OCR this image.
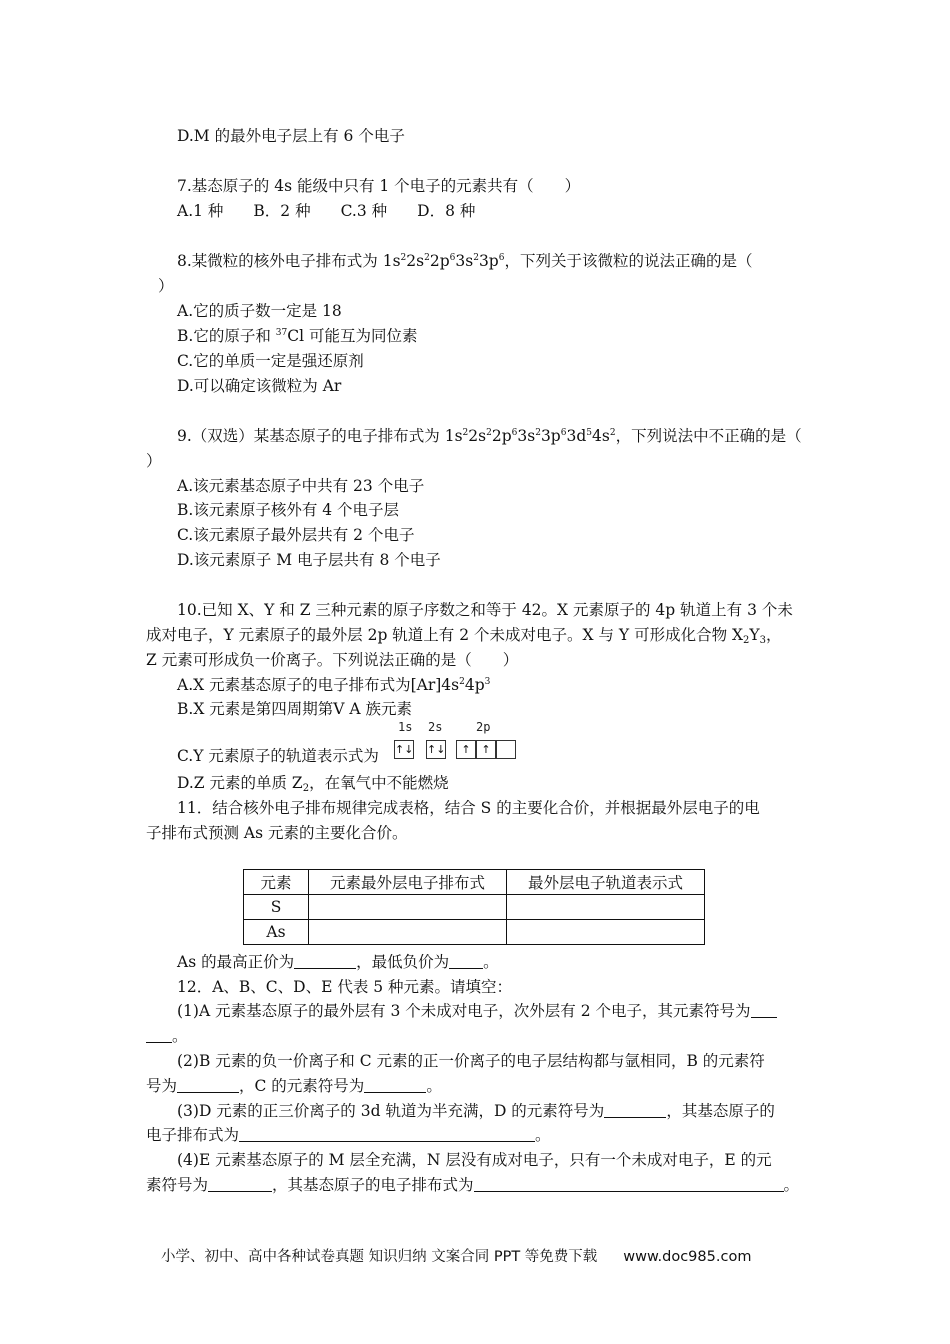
D.M 的最外电子层上有 6 个电子
7.基态原子的 4s 能级中只有 1 个电子的元素共有（　　）
A.1 种 B．2 种 C.3 种 D．8 种
8.某微粒的核外电子排布式为 $1s^22s^22p^63s^23p^6$，下列关于该微粒的说法正确的是（
）
A.它的质子数一定是 18
B.它的原子和 $^{37}$Cl 可能互为同位素
C.它的单质一定是强还原剂
D.可以确定该微粒为 Ar
9.（双选）某基态原子的电子排布式为 $1s^22s^22p^63s^23p^63d^54s^2$，下列说法中不正确的是（
）
A.该元素基态原子中共有 23 个电子
B.该元素原子核外有 4 个电子层
C.该元素原子最外层共有 2 个电子
D.该元素原子 M 电子层共有 8 个电子
10.已知 X、Y 和 Z 三种元素的原子序数之和等于 42。X 元素原子的 4p 轨道上有 3 个未
成对电子，Y 元素原子的最外层 2p 轨道上有 2 个未成对电子。X 与 Y 可形成化合物 $X_2Y_3$，
Z 元素可形成负一价离子。下列说法正确的是（　　）
A.X 元素基态原子的电子排布式为$[Ar]4s^24p^3$
B.X 元素是第四周期第Ⅴ A 族元素
1s 2s	2p
C.Y 元素原子的轨道表示式为 ↑↓ ↑↓	↑ ↑
D.Z 元素的单质 $Z_2$，在氧气中不能燃烧
11．结合核外电子排布规律完成表格，结合 S 的主要化合价，并根据最外层电子的电
子排布式预测 As 元素的主要化合价。
元素	元素最外层电子排布式	最外层电子轨道表示式
S		
As		
As 的最高正价为	，最低负价为 。
12．A、B、C、D、E 代表 5 种元素。请填空：
(1)A 元素基态原子的最外层有 3 个未成对电子，次外层有 2 个电子，其元素符号为
。
(2)B 元素的负一价离子和 C 元素的正一价离子的电子层结构都与氩相同，B 的元素符
号为	，C 的元素符号为	。
(3)D 元素的正三价离子的 3d 轨道为半充满，D 的元素符号为	，其基态原子的
电子排布式为	。
(4)E 元素基态原子的 M 层全充满，N 层没有成对电子，只有一个未成对电子，E 的元
素符号为	，其基态原子的电子排布式为	。
小学、初中、高中各种试卷真题 知识归纳 文案合同 PPT 等免费下载 www.doc985.com
